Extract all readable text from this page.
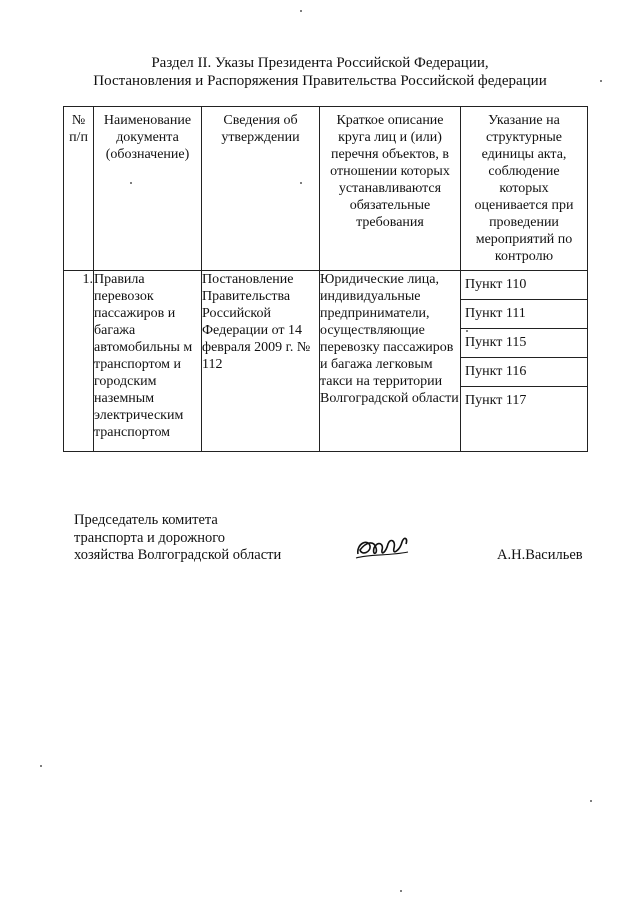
Раздел II. Указы Президента Российской Федерации,
Постановления и Распоряжения Правительства Российской федерации
№ п/п	Наименование документа (обозначение)	Сведения об утверждении	Краткое описание круга лиц и (или) перечня объектов, в отношении которых устанавливаются обязательные требования	Указание на структурные единицы акта, соблюдение которых оценивается при проведении мероприятий по контролю
1.	Правила перевозок пассажиров и багажа автомобильны м транспортом и городским наземным электрическим транспортом	Постановление Правительства Российской Федерации от 14 февраля 2009 г. № 112	Юридические лица, индивидуальные предприниматели, осуществляющие перевозку пассажиров и багажа легковым такси на территории Волгоградской области	Пункт 110
Пункт 111
Пункт 115
Пункт 116
Пункт 117
Председатель комитета
транспорта и дорожного
хозяйства Волгоградской области	А.Н.Васильев
